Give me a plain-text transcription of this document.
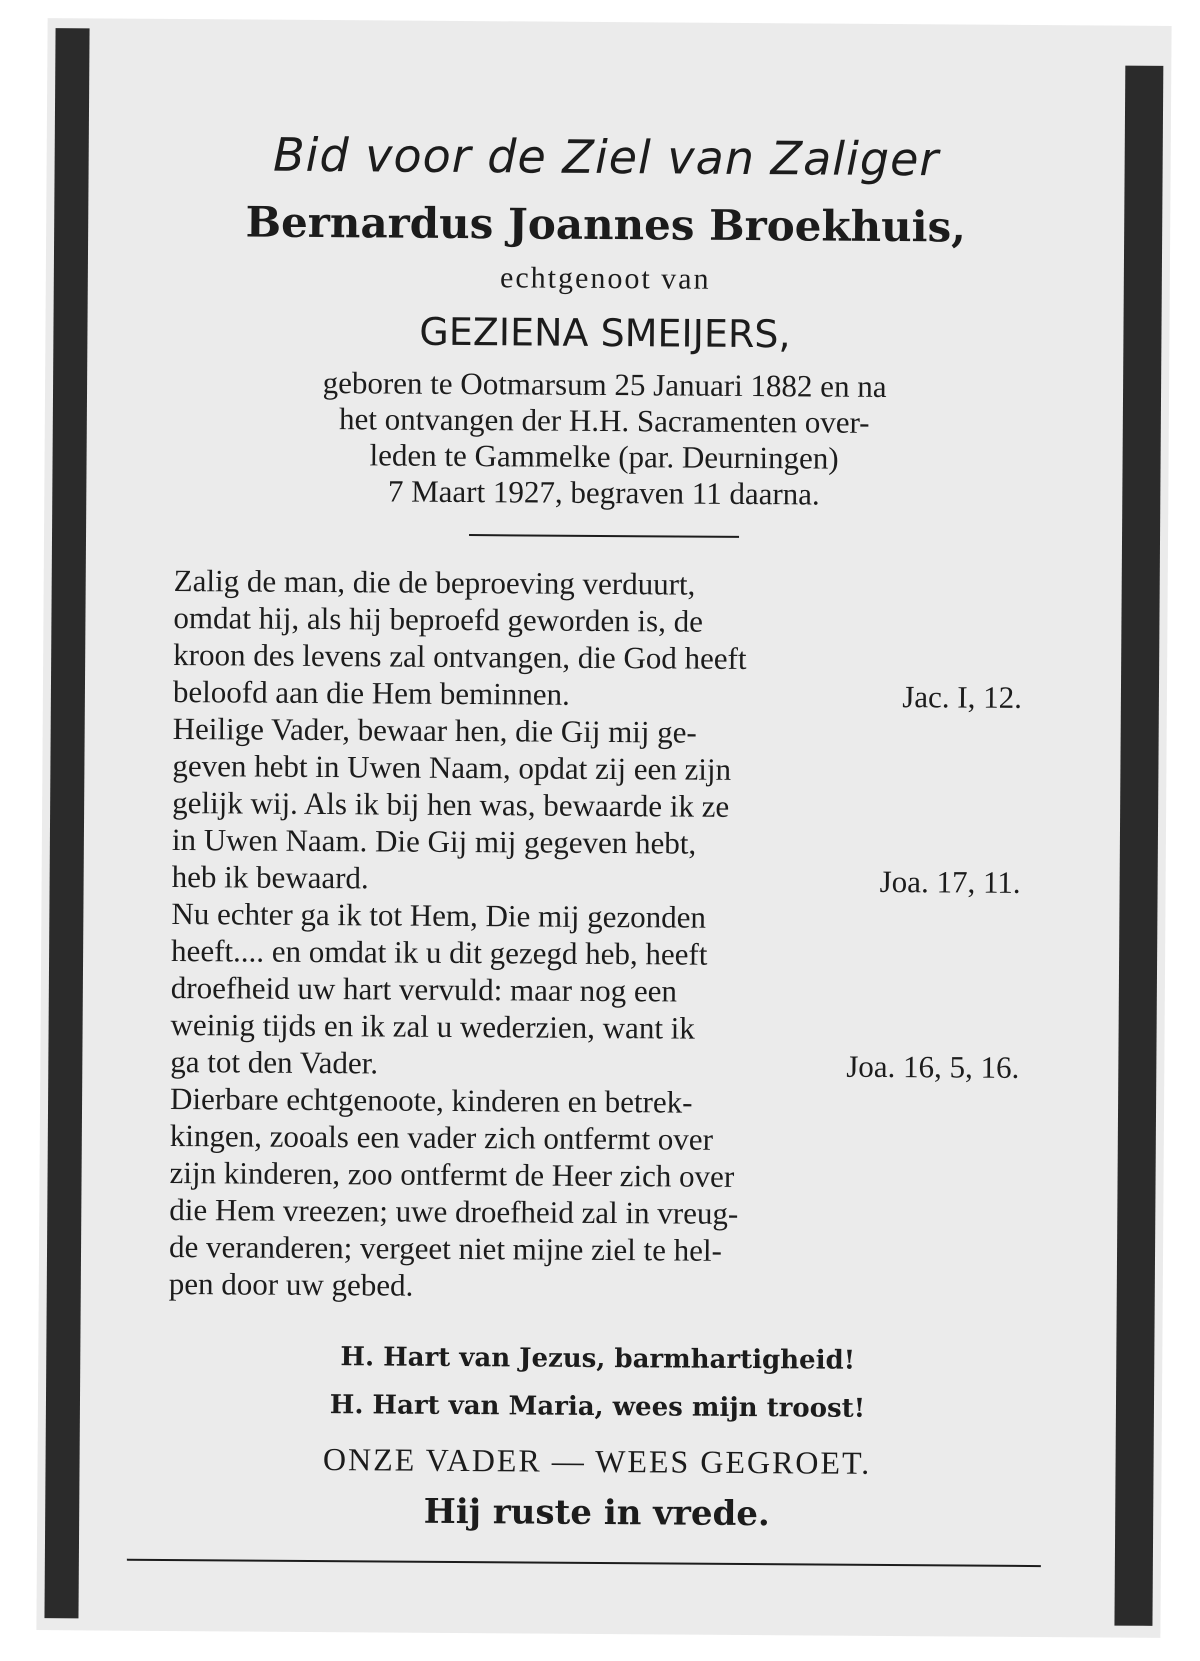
Bid voor de Ziel van Zaliger

Bernardus Joannes Broekhuis,

echtgenoot van

GEZIENA SMEIJERS,

geboren te Ootmarsum 25 Januari 1882 en na
het ontvangen der H.H. Sacramenten over-
leden te Gammelke (par. Deurningen)
7 Maart 1927, begraven 11 daarna.
Zalig de man, die de beproeving verduurt,
omdat hij, als hij beproefd geworden is, de
kroon des levens zal ontvangen, die God heeft
beloofd aan die Hem beminnen.	Jac. I, 12.
Heilige Vader, bewaar hen, die Gij mij ge-
geven hebt in Uwen Naam, opdat zij een zijn
gelijk wij. Als ik bij hen was, bewaarde ik ze
in Uwen Naam. Die Gij mij gegeven hebt,
heb ik bewaard.	Joa. 17, 11.
Nu echter ga ik tot Hem, Die mij gezonden
heeft.... en omdat ik u dit gezegd heb, heeft
droefheid uw hart vervuld: maar nog een
weinig tijds en ik zal u wederzien, want ik
ga tot den Vader.	Joa. 16, 5, 16.
Dierbare echtgenoote, kinderen en betrek-
kingen, zooals een vader zich ontfermt over
zijn kinderen, zoo ontfermt de Heer zich over
die Hem vreezen; uwe droefheid zal in vreug-
de veranderen; vergeet niet mijne ziel te hel-
pen door uw gebed.
H. Hart van Jezus, barmhartigheid!
H. Hart van Maria, wees mijn troost!
ONZE VADER — WEES GEGROET.
Hij ruste in vrede.
